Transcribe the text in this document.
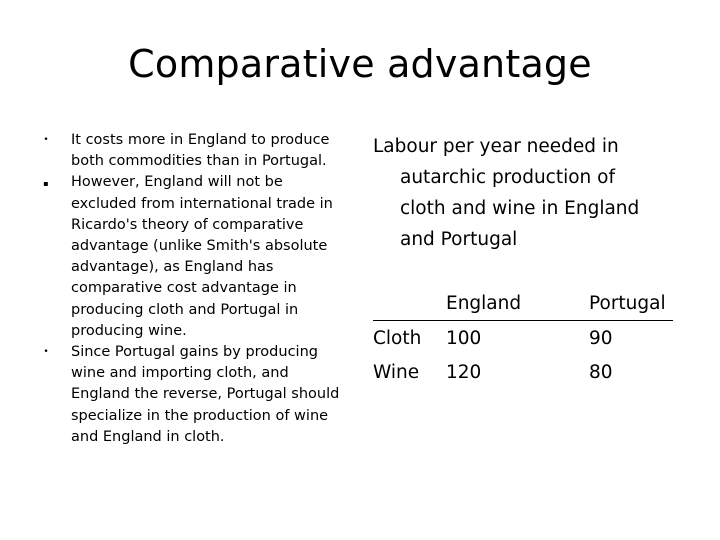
Comparative advantage
• It costs more in England to produce both commodities than in Portugal.
▪ However, England will not be excluded from international trade in Ricardo's theory of comparative advantage (unlike Smith's absolute advantage), as England has comparative cost advantage in producing cloth and Portugal in producing wine.
• Since Portugal gains by producing wine and importing cloth, and England the reverse, Portugal should specialize in the production of wine and England in cloth.
Labour per year needed in
autarchic production of
cloth and wine in England
and Portugal
	England	Portugal
Cloth	100	90
Wine	120	80
